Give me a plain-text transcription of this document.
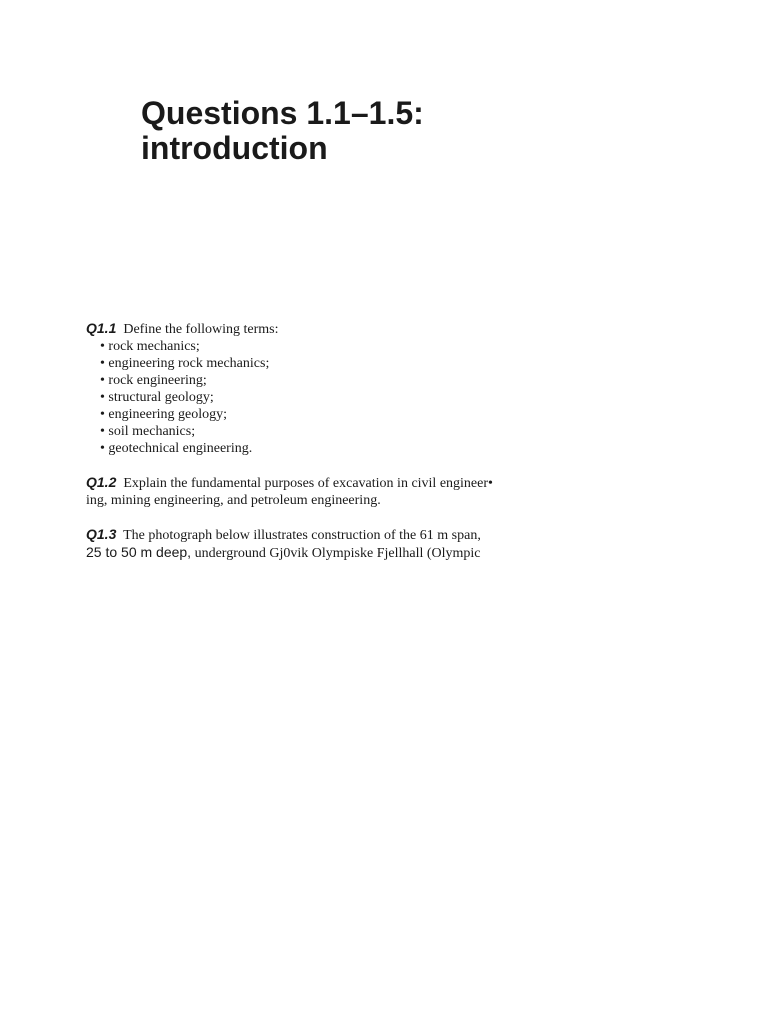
Questions 1.1–1.5:
introduction

Q1.1 Define the following terms:

• rock mechanics;
• engineering rock mechanics;
• rock engineering;
• structural geology;
• engineering geology;
• soil mechanics;
• geotechnical engineering.

Q1.2 Explain the fundamental purposes of excavation in civil engineer•

ing, mining engineering, and petroleum engineering.

Q1.3 The photograph below illustrates construction of the 61 m span,

25 to 50 m deep, underground Gj0vik Olympiske Fjellhall (Olympic
